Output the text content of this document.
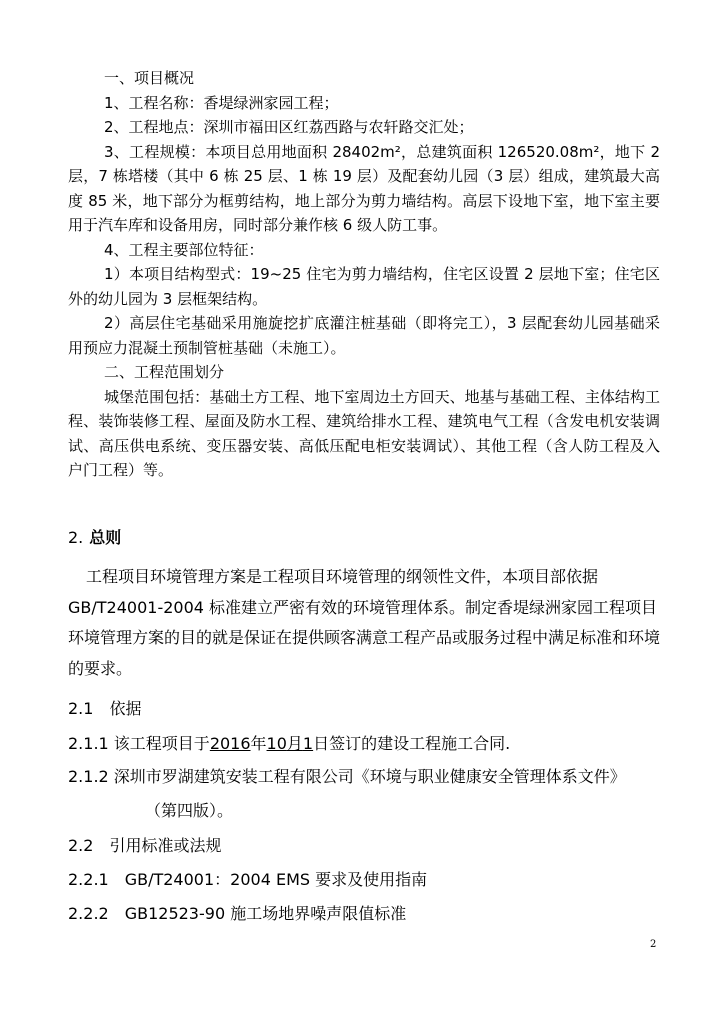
一、项目概况

1、工程名称：香堤绿洲家园工程；

2、工程地点：深圳市福田区红荔西路与农轩路交汇处；

3、工程规模：本项目总用地面积 28402m²，总建筑面积 126520.08m²，地下 2 层，7 栋塔楼（其中 6 栋 25 层、1 栋 19 层）及配套幼儿园（3 层）组成，建筑最大高度 85 米，地下部分为框剪结构，地上部分为剪力墙结构。高层下设地下室，地下室主要用于汽车库和设备用房，同时部分兼作核 6 级人防工事。

4、工程主要部位特征：

1）本项目结构型式：19~25 住宅为剪力墙结构，住宅区设置 2 层地下室；住宅区外的幼儿园为 3 层框架结构。

2）高层住宅基础采用施旋挖扩底灌注桩基础（即将完工），3 层配套幼儿园基础采用预应力混凝土预制管桩基础（未施工）。

二、工程范围划分

城堡范围包括：基础土方工程、地下室周边土方回天、地基与基础工程、主体结构工程、装饰装修工程、屋面及防水工程、建筑给排水工程、建筑电气工程（含发电机安装调试、高压供电系统、变压器安装、高低压配电柜安装调试）、其他工程（含人防工程及入户门工程）等。

2. 总则

工程项目环境管理方案是工程项目环境管理的纲领性文件，本项目部依据 GB/T24001-2004 标准建立严密有效的环境管理体系。制定香堤绿洲家园工程项目环境管理方案的目的就是保证在提供顾客满意工程产品或服务过程中满足标准和环境的要求。

2.1　依据

2.1.1 该工程项目于2016年10月1日签订的建设工程施工合同.

2.1.2 深圳市罗湖建筑安装工程有限公司《环境与职业健康安全管理体系文件》

（第四版）。

2.2　引用标准或法规

2.2.1　GB/T24001：2004 EMS 要求及使用指南

2.2.2　GB12523-90 施工场地界噪声限值标准

2
